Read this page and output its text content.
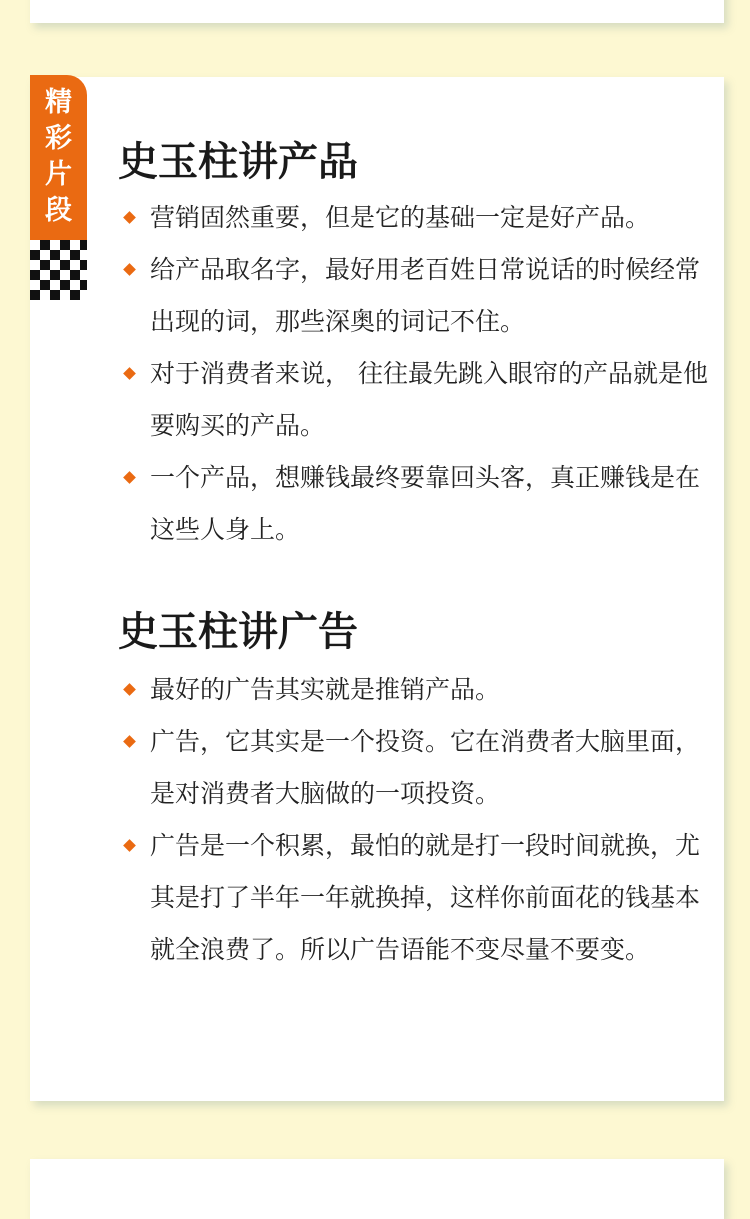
精
彩
片
段
史玉柱讲产品
营销固然重要，但是它的基础一定是好产品。
给产品取名字，最好用老百姓日常说话的时候经常出现的词，那些深奥的词记不住。
对于消费者来说， 往往最先跳入眼帘的产品就是他要购买的产品。
一个产品，想赚钱最终要靠回头客，真正赚钱是在这些人身上。
史玉柱讲广告
最好的广告其实就是推销产品。
广告，它其实是一个投资。它在消费者大脑里面，是对消费者大脑做的一项投资。
广告是一个积累，最怕的就是打一段时间就换，尤其是打了半年一年就换掉，这样你前面花的钱基本就全浪费了。所以广告语能不变尽量不要变。
